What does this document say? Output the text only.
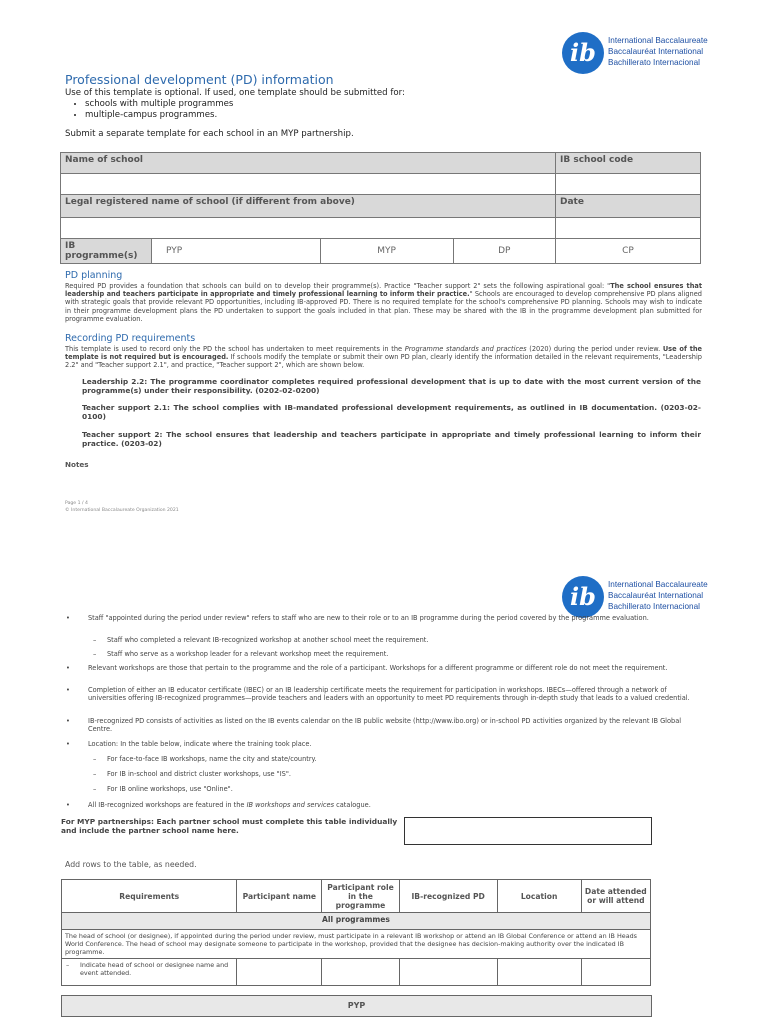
ib	International Baccalaureate
Baccalauréat International
Bachillerato Internacional
Professional development (PD) information
Use of this template is optional. If used, one template should be submitted for:
• schools with multiple programmes
• multiple-campus programmes.
Submit a separate template for each school in an MYP partnership.
Name of school				IB school code

Legal registered name of school (if different from above)				Date

IB programme(s)	PYP	MYP	DP	CP
PD planning
Required PD provides a foundation that schools can build on to develop their programme(s). Practice "Teacher support 2" sets the following aspirational goal: "The school ensures that leadership and teachers participate in appropriate and timely professional learning to inform their practice." Schools are encouraged to develop comprehensive PD plans aligned with strategic goals that provide relevant PD opportunities, including IB-approved PD. There is no required template for the school's comprehensive PD planning. Schools may wish to indicate in their programme development plans the PD undertaken to support the goals included in that plan. These may be shared with the IB in the programme development plan submitted for programme evaluation.
Recording PD requirements
This template is used to record only the PD the school has undertaken to meet requirements in the Programme standards and practices (2020) during the period under review. Use of the template is not required but is encouraged. If schools modify the template or submit their own PD plan, clearly identify the information detailed in the relevant requirements, "Leadership 2.2" and "Teacher support 2.1", and practice, "Teacher support 2", which are shown below.
Leadership 2.2: The programme coordinator completes required professional development that is up to date with the most current version of the programme(s) under their responsibility. (0202-02-0200)
Teacher support 2.1: The school complies with IB-mandated professional development requirements, as outlined in IB documentation. (0203-02-0100)
Teacher support 2: The school ensures that leadership and teachers participate in appropriate and timely professional learning to inform their practice. (0203-02)
Notes
Page 1 / 4
© International Baccalaureate Organization 2021
ib	International Baccalaureate
Baccalauréat International
Bachillerato Internacional
• Staff "appointed during the period under review" refers to staff who are new to their role or to an IB programme during the period covered by the programme evaluation.
– Staff who completed a relevant IB-recognized workshop at another school meet the requirement.
– Staff who serve as a workshop leader for a relevant workshop meet the requirement.
• Relevant workshops are those that pertain to the programme and the role of a participant. Workshops for a different programme or different role do not meet the requirement.
• Completion of either an IB educator certificate (IBEC) or an IB leadership certificate meets the requirement for participation in workshops. IBECs—offered through a network of universities offering IB-recognized programmes—provide teachers and leaders with an opportunity to meet PD requirements through in-depth study that leads to a valued credential.
• IB-recognized PD consists of activities as listed on the IB events calendar on the IB public website (http://www.ibo.org) or in-school PD activities organized by the relevant IB Global Centre.
• Location: In the table below, indicate where the training took place.
– For face-to-face IB workshops, name the city and state/country.
– For IB in-school and district cluster workshops, use "IS".
– For IB online workshops, use "Online".
• All IB-recognized workshops are featured in the IB workshops and services catalogue.
For MYP partnerships: Each partner school must complete this table individually and include the partner school name here.
Add rows to the table, as needed.
Requirements	Participant name	Participant role in the programme	IB-recognized PD	Location	Date attended or will attend
All programmes					
The head of school (or designee), if appointed during the period under review, must participate in a relevant IB workshop or attend an IB Global Conference or attend an IB Heads World Conference. The head of school may designate someone to participate in the workshop, provided that the designee has decision-making authority over the indicated IB programme.					

– Indicate head of school or designee name and event attended.					
PYP
